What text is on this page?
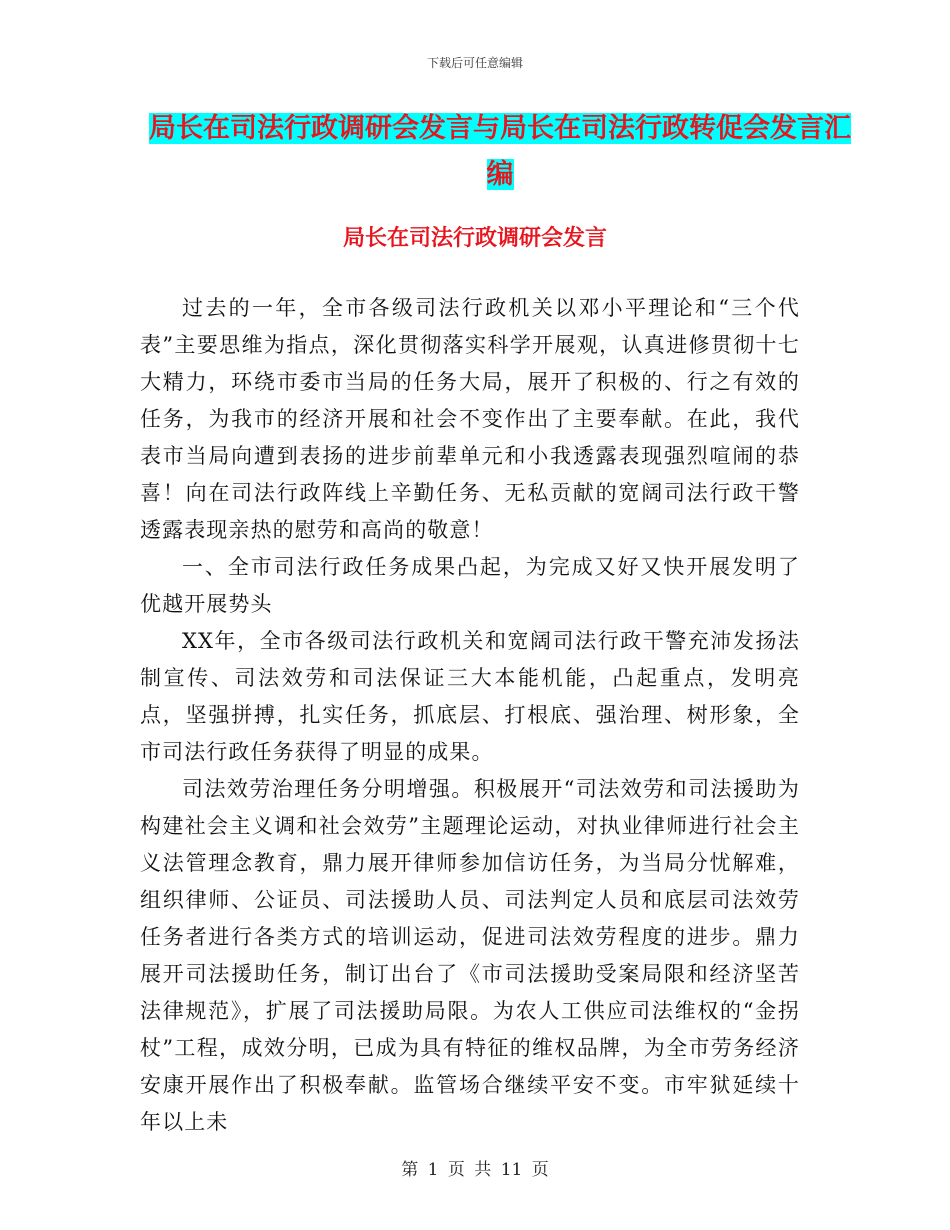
下载后可任意编辑
局长在司法行政调研会发言与局长在司法行政转促会发言汇编
局长在司法行政调研会发言

过去的一年，全市各级司法行政机关以邓小平理论和“三个代表”主要思维为指点，深化贯彻落实科学开展观，认真进修贯彻十七大精力，环绕市委市当局的任务大局，展开了积极的、行之有效的任务，为我市的经济开展和社会不变作出了主要奉献。在此，我代表市当局向遭到表扬的进步前辈单元和小我透露表现强烈喧闹的恭喜！向在司法行政阵线上辛勤任务、无私贡献的宽阔司法行政干警透露表现亲热的慰劳和高尚的敬意！

一、全市司法行政任务成果凸起，为完成又好又快开展发明了优越开展势头

XX年，全市各级司法行政机关和宽阔司法行政干警充沛发扬法制宣传、司法效劳和司法保证三大本能机能，凸起重点，发明亮点，坚强拼搏，扎实任务，抓底层、打根底、强治理、树形象，全市司法行政任务获得了明显的成果。

司法效劳治理任务分明增强。积极展开“司法效劳和司法援助为构建社会主义调和社会效劳”主题理论运动，对执业律师进行社会主义法管理念教育，鼎力展开律师参加信访任务，为当局分忧解难，组织律师、公证员、司法援助人员、司法判定人员和底层司法效劳任务者进行各类方式的培训运动，促进司法效劳程度的进步。鼎力展开司法援助任务，制订出台了《市司法援助受案局限和经济坚苦法律规范》，扩展了司法援助局限。为农人工供应司法维权的“金拐杖”工程，成效分明，已成为具有特征的维权品牌，为全市劳务经济安康开展作出了积极奉献。监管场合继续平安不变。市牢狱延续十年以上未

第 1 页 共 11 页
